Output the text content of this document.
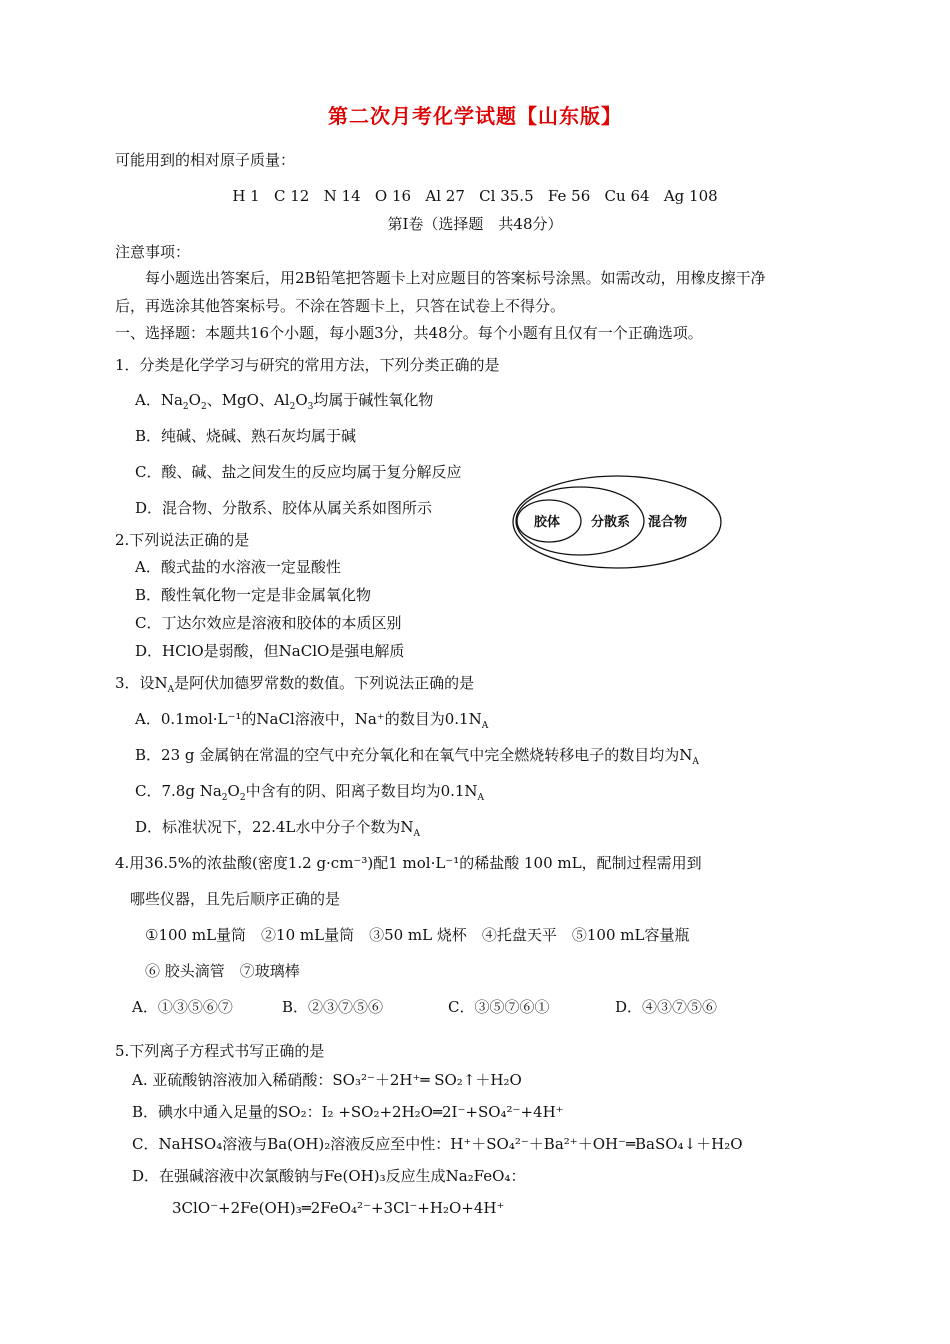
第二次月考化学试题【山东版】
可能用到的相对原子质量：
H 1   C 12   N 14   O 16   Al 27   Cl 35.5   Fe 56   Cu 64   Ag 108
第Ⅰ卷（选择题　共48分）
注意事项：
每小题选出答案后，用2B铅笔把答题卡上对应题目的答案标号涂黑。如需改动，用橡皮擦干净
后，再选涂其他答案标号。不涂在答题卡上，只答在试卷上不得分。
一、选择题：本题共16个小题，每小题3分，共48分。每个小题有且仅有一个正确选项。
1．分类是化学学习与研究的常用方法，下列分类正确的是
A．$Na_2O_2$、MgO、$Al_2O_3$均属于碱性氧化物
B．纯碱、烧碱、熟石灰均属于碱
C．酸、碱、盐之间发生的反应均属于复分解反应
D．混合物、分散系、胶体从属关系如图所示
胶体 分散系 混合物
2.下列说法正确的是
A．酸式盐的水溶液一定显酸性
B．酸性氧化物一定是非金属氧化物
C．丁达尔效应是溶液和胶体的本质区别
D．HClO是弱酸，但NaClO是强电解质
3．设$N_A$是阿伏加德罗常数的数值。下列说法正确的是
A．0.1mol·L⁻¹的NaCl溶液中，Na⁺的数目为$0.1N_A$
B．23 g 金属钠在常温的空气中充分氧化和在氧气中完全燃烧转移电子的数目均为$N_A$
C．7.8g $Na_2O_2$中含有的阴、阳离子数目均为$0.1N_A$
D．标准状况下，22.4L水中分子个数为$N_A$
4.用36.5%的浓盐酸(密度1.2 g·cm⁻³)配1 mol·L⁻¹的稀盐酸 100 mL，配制过程需用到
哪些仪器，且先后顺序正确的是
①100 mL量筒　②10 mL量筒　③50 mL 烧杯　④托盘天平　⑤100 mL容量瓶
⑥ 胶头滴管　⑦玻璃棒
A．①③⑤⑥⑦	B．②③⑦⑤⑥	C．③⑤⑦⑥①	D．④③⑦⑤⑥
5.下列离子方程式书写正确的是
A. 亚硫酸钠溶液加入稀硝酸：SO₃²⁻＋2H⁺═ SO₂↑＋H₂O
B．碘水中通入足量的SO₂：I₂ +SO₂+2H₂O═2I⁻+SO₄²⁻+4H⁺
C．NaHSO₄溶液与Ba(OH)₂溶液反应至中性：H⁺＋SO₄²⁻＋Ba²⁺＋OH⁻═BaSO₄↓＋H₂O
D．在强碱溶液中次氯酸钠与Fe(OH)₃反应生成Na₂FeO₄：
3ClO⁻+2Fe(OH)₃═2FeO₄²⁻+3Cl⁻+H₂O+4H⁺
